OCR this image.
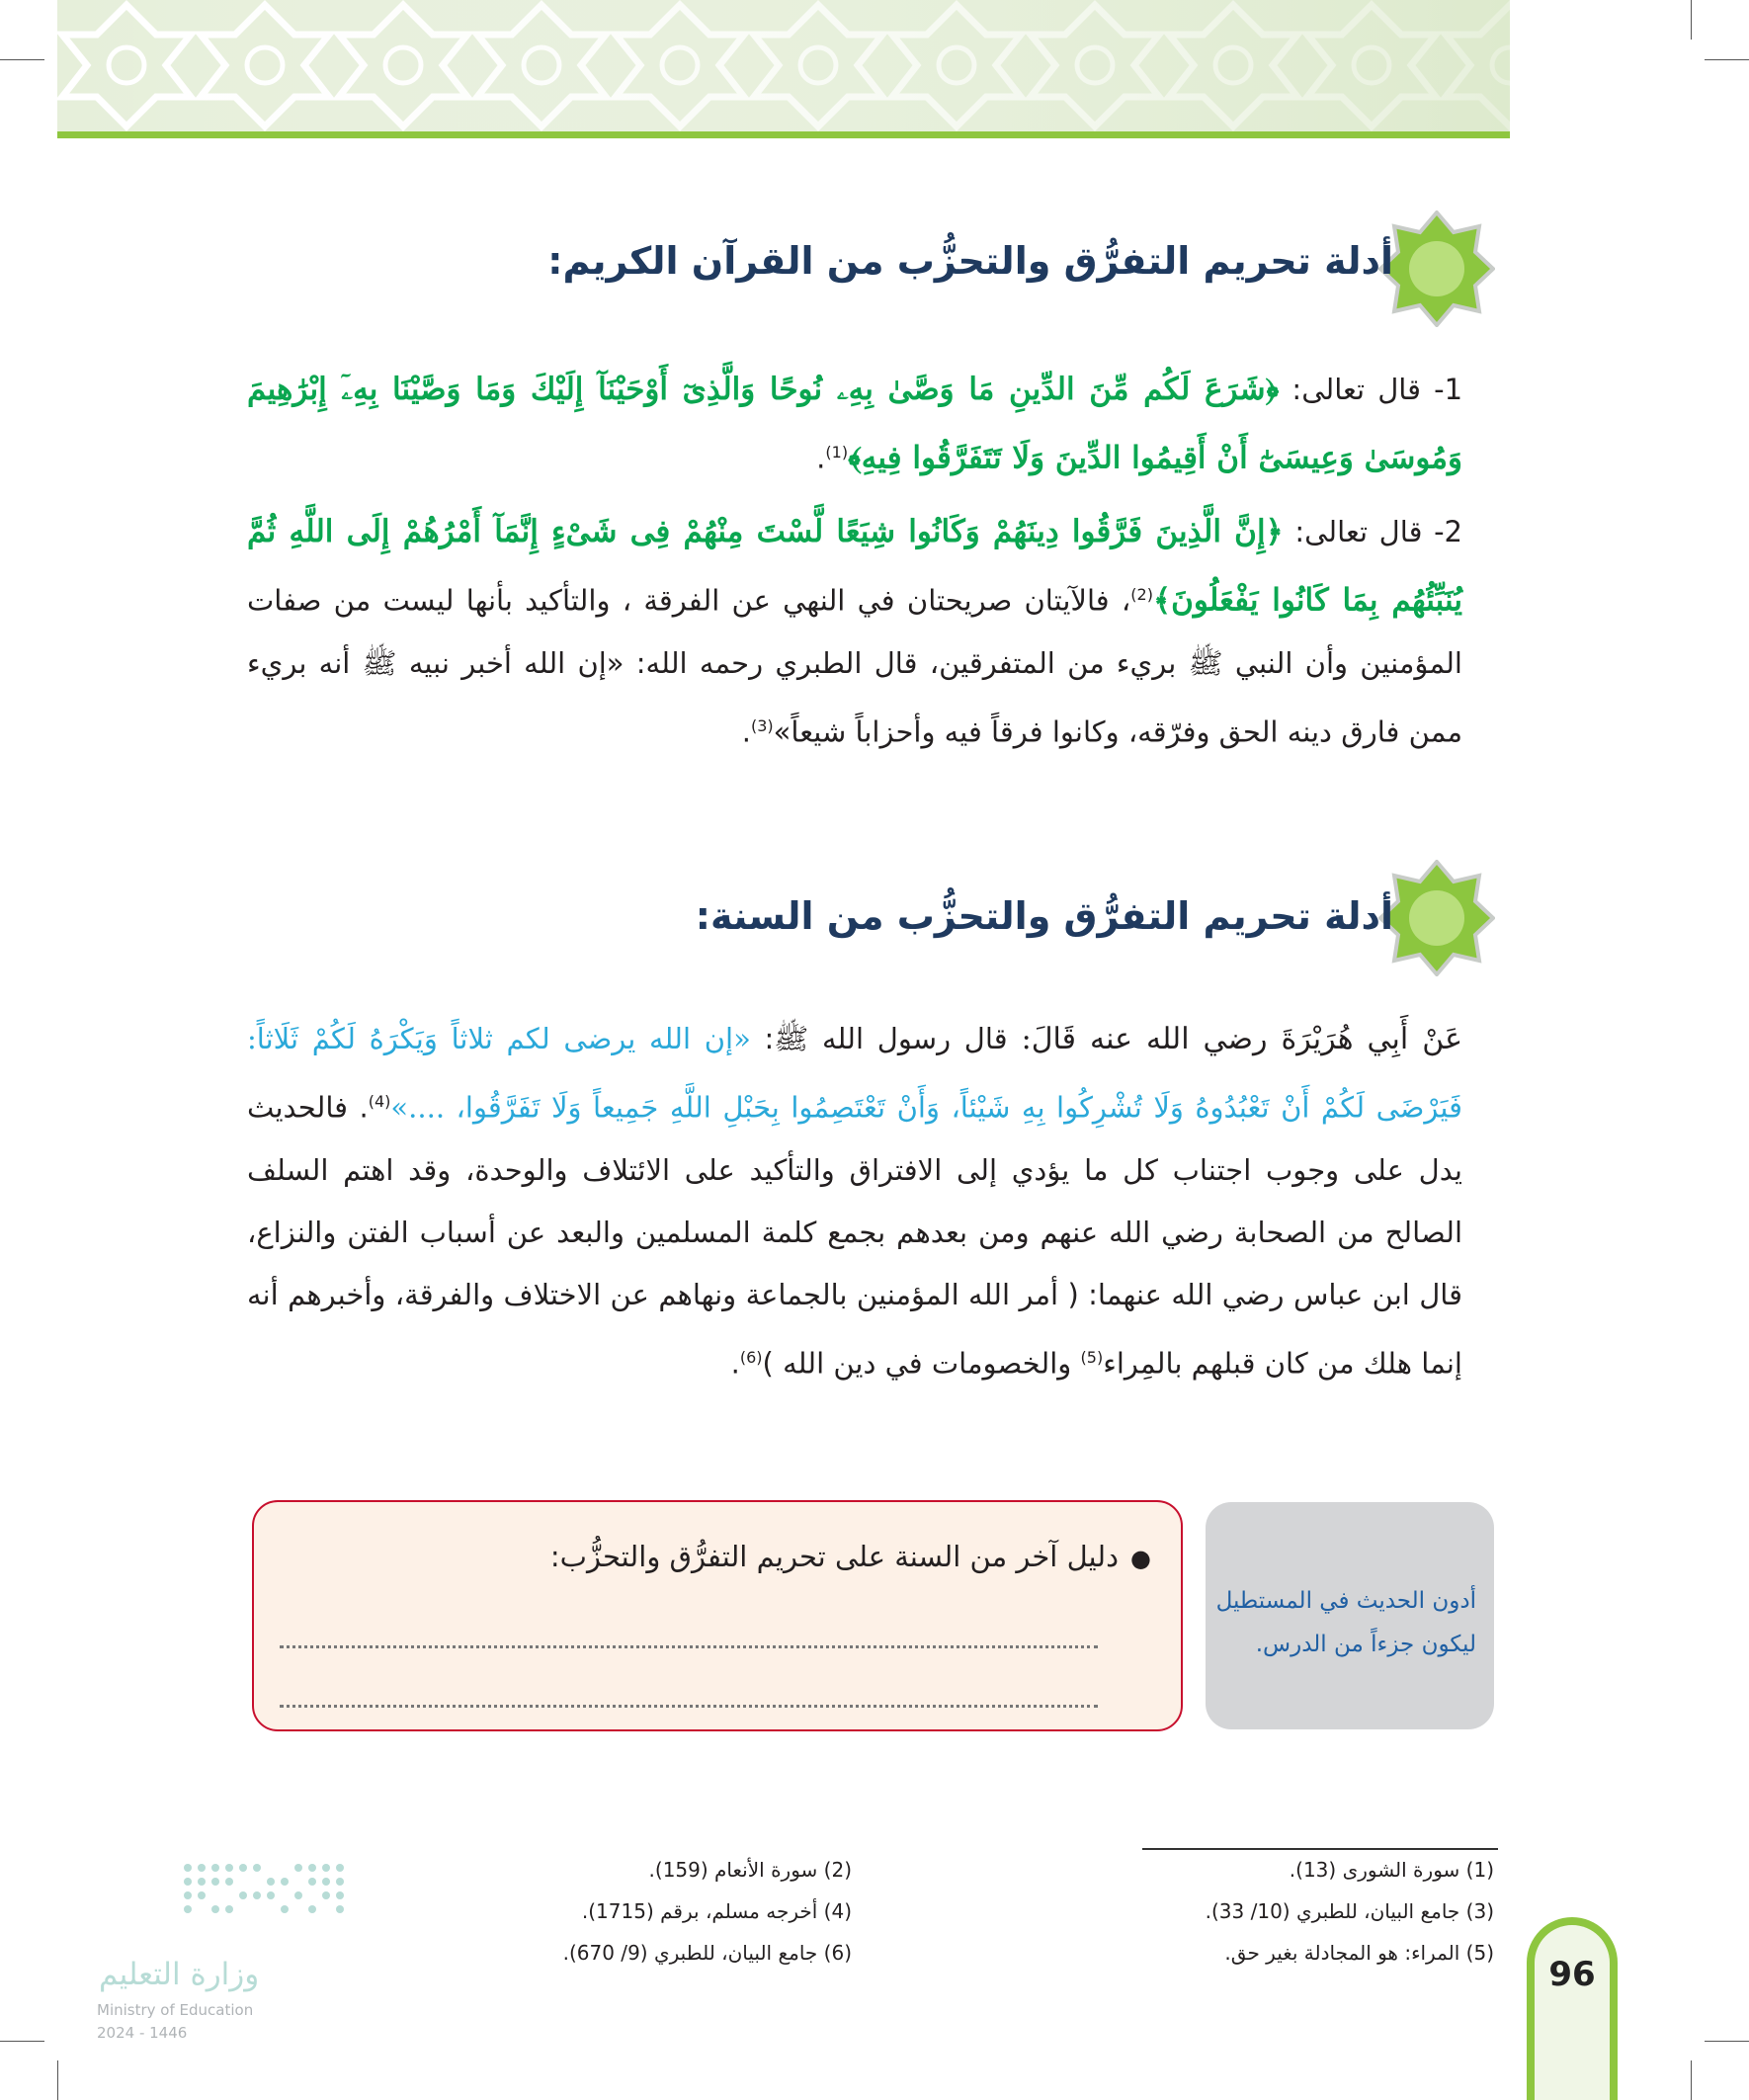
أدلة تحريم التفرُّق والتحزُّب من القرآن الكريم:
1- قال تعالى: ﴿شَرَعَ لَكُم مِّنَ الدِّينِ مَا وَصَّىٰ بِهِۦ نُوحًا وَالَّذِىٓ أَوْحَيْنَآ إِلَيْكَ وَمَا وَصَّيْنَا بِهِۦٓ إِبْرَٰهِيمَ وَمُوسَىٰ وَعِيسَىٰٓ أَنْ أَقِيمُوا الدِّينَ وَلَا تَتَفَرَّقُوا فِيهِ﴾$^{(1)}$.
2- قال تعالى: ﴿إِنَّ الَّذِينَ فَرَّقُوا دِينَهُمْ وَكَانُوا شِيَعًا لَّسْتَ مِنْهُمْ فِى شَىْءٍ إِنَّمَآ أَمْرُهُمْ إِلَى اللَّهِ ثُمَّ يُنَبِّئُهُم بِمَا كَانُوا يَفْعَلُونَ﴾$^{(2)}$، فالآيتان صريحتان في النهي عن الفرقة ، والتأكيد بأنها ليست من صفات المؤمنين وأن النبي ﷺ بريء من المتفرقين، قال الطبري رحمه الله: «إن الله أخبر نبيه ﷺ أنه بريء ممن فارق دينه الحق وفرّقه، وكانوا فرقاً فيه وأحزاباً شيعاً»$^{(3)}$.
أدلة تحريم التفرُّق والتحزُّب من السنة:
عَنْ أَبِي هُرَيْرَةَ رضي الله عنه قَالَ: قال رسول الله ﷺ: «إن الله يرضى لكم ثلاثاً وَيَكْرَهُ لَكُمْ ثَلَاثاً: فَيَرْضَى لَكُمْ أَنْ تَعْبُدُوهُ وَلَا تُشْرِكُوا بِهِ شَيْئاً، وَأَنْ تَعْتَصِمُوا بِحَبْلِ اللَّهِ جَمِيعاً وَلَا تَفَرَّقُوا، ....»$^{(4)}$. فالحديث يدل على وجوب اجتناب كل ما يؤدي إلى الافتراق والتأكيد على الائتلاف والوحدة، وقد اهتم السلف الصالح من الصحابة رضي الله عنهم ومن بعدهم بجمع كلمة المسلمين والبعد عن أسباب الفتن والنزاع، قال ابن عباس رضي الله عنهما: ( أمر الله المؤمنين بالجماعة ونهاهم عن الاختلاف والفرقة، وأخبرهم أنه إنما هلك من كان قبلهم بالمِراء$^{(5)}$ والخصومات في دين الله )$^{(6)}$.
أدون الحديث في المستطيل
ليكون جزءاً من الدرس.
●دليل آخر من السنة على تحريم التفرُّق والتحزُّب:
(1) سورة الشورى (13).
(3) جامع البيان، للطبري (10/ 33).
(5) المراء: هو المجادلة بغير حق.
(2) سورة الأنعام (159).
(4) أخرجه مسلم، برقم (1715).
(6) جامع البيان، للطبري (9/ 670).
96
وزارة التعليم
Ministry of Education
2024 - 1446
